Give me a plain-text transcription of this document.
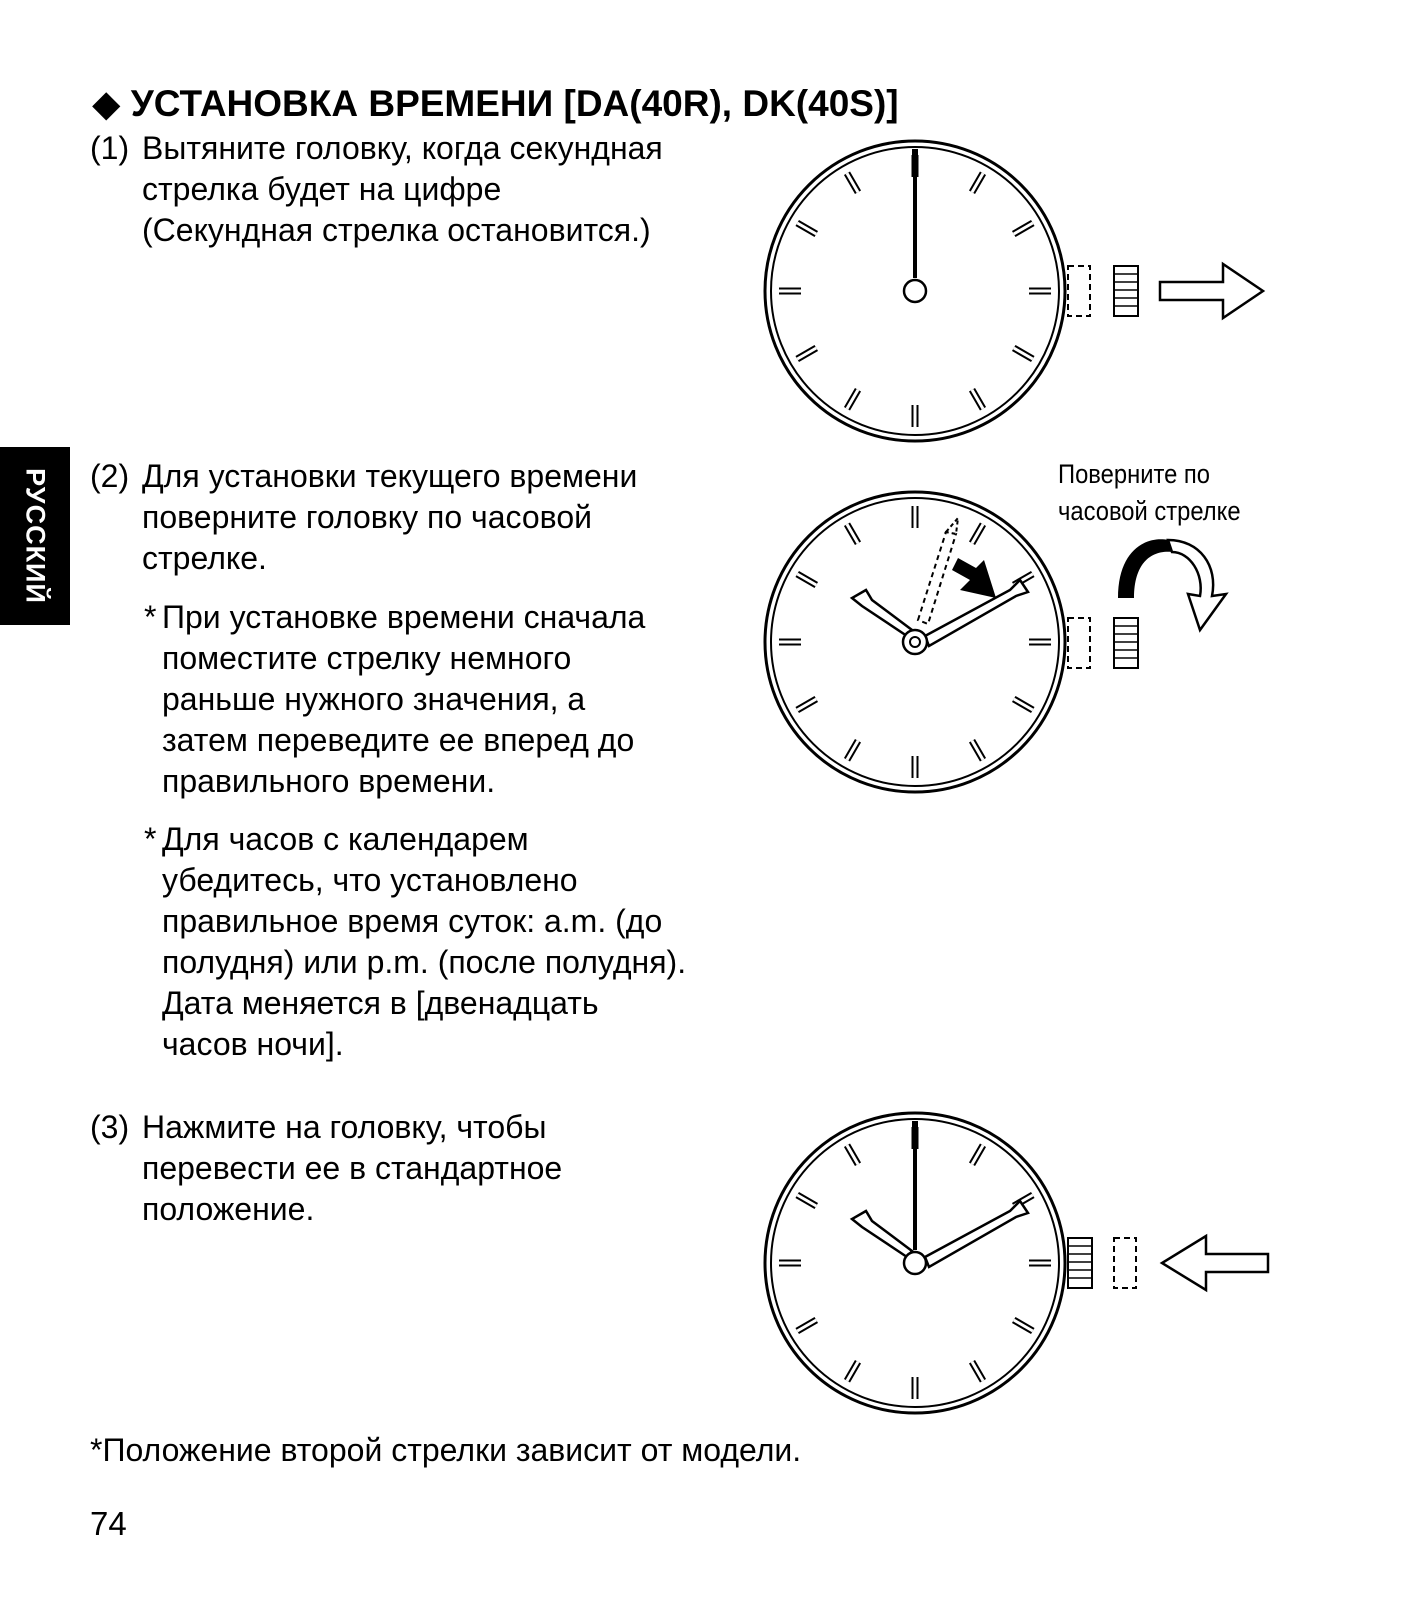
РУССКИЙ
◆ УСТАНОВКА ВРЕМЕНИ [DA(40R), DK(40S)]
(1) Вытяните головку, когда секундная
стрелка будет на цифре
(Секундная стрелка остановится.)
(2) Для установки текущего времени
поверните головку по часовой
стрелке.
* При установке времени сначала
поместите стрелку немного
раньше нужного значения, а
затем переведите ее вперед до
правильного времени.
* Для часов с календарем
убедитесь, что установлено
правильное время суток: a.m. (до
полудня) или p.m. (после полудня).
Дата меняется в [двенадцать
часов ночи].
(3) Нажмите на головку, чтобы
перевести ее в стандартное
положение.
Поверните по
часовой стрелке
*Положение второй стрелки зависит от модели.
74
